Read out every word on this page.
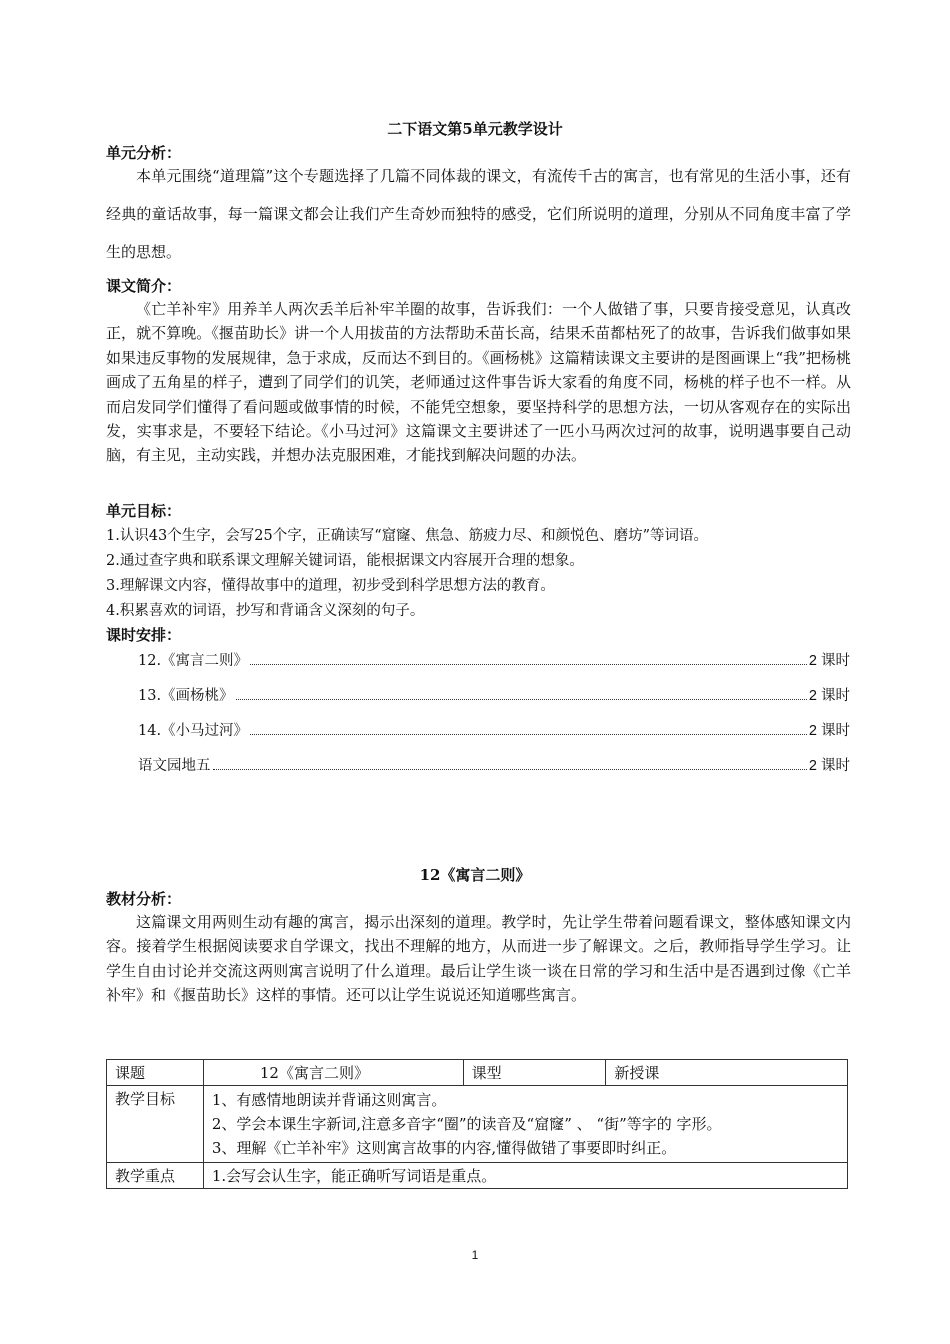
二下语文第5单元教学设计
单元分析：
本单元围绕“道理篇”这个专题选择了几篇不同体裁的课文，有流传千古的寓言，也有常见的生活小事，还有经典的童话故事，每一篇课文都会让我们产生奇妙而独特的感受，它们所说明的道理，分别从不同角度丰富了学生的思想。
课文简介：
《亡羊补牢》用养羊人两次丢羊后补牢羊圈的故事，告诉我们：一个人做错了事，只要肯接受意见，认真改正，就不算晚。《揠苗助长》讲一个人用拔苗的方法帮助禾苗长高，结果禾苗都枯死了的故事，告诉我们做事如果如果违反事物的发展规律，急于求成，反而达不到目的。《画杨桃》这篇精读课文主要讲的是图画课上“我”把杨桃画成了五角星的样子，遭到了同学们的讥笑，老师通过这件事告诉大家看的角度不同，杨桃的样子也不一样。从而启发同学们懂得了看问题或做事情的时候，不能凭空想象，要坚持科学的思想方法，一切从客观存在的实际出发，实事求是，不要轻下结论。《小马过河》这篇课文主要讲述了一匹小马两次过河的故事，说明遇事要自己动脑，有主见，主动实践，并想办法克服困难，才能找到解决问题的办法。
单元目标：
1.认识43个生字，会写25个字，正确读写“窟窿、焦急、筋疲力尽、和颜悦色、磨坊”等词语。
2.通过查字典和联系课文理解关键词语，能根据课文内容展开合理的想象。
3.理解课文内容，懂得故事中的道理，初步受到科学思想方法的教育。
4.积累喜欢的词语，抄写和背诵含义深刻的句子。
课时安排：
12.《寓言二则》	2 课时
13.《画杨桃》	2 课时
14.《小马过河》	2 课时
语文园地五	2 课时
12《寓言二则》
教材分析：
这篇课文用两则生动有趣的寓言，揭示出深刻的道理。教学时，先让学生带着问题看课文，整体感知课文内容。接着学生根据阅读要求自学课文，找出不理解的地方，从而进一步了解课文。之后，教师指导学生学习。让学生自由讨论并交流这两则寓言说明了什么道理。最后让学生谈一谈在日常的学习和生活中是否遇到过像《亡羊补牢》和《揠苗助长》这样的事情。还可以让学生说说还知道哪些寓言。
课题	12《寓言二则》	课型	新授课
教学目标	1、有感情地朗读并背诵这则寓言。
2、学会本课生字新词,注意多音字“圈”的读音及“窟窿” 、 “街”等字的 字形。
3、理解《亡羊补牢》这则寓言故事的内容,懂得做错了事要即时纠正。		

教学重点	1.会写会认生字，能正确听写词语是重点。		
1
